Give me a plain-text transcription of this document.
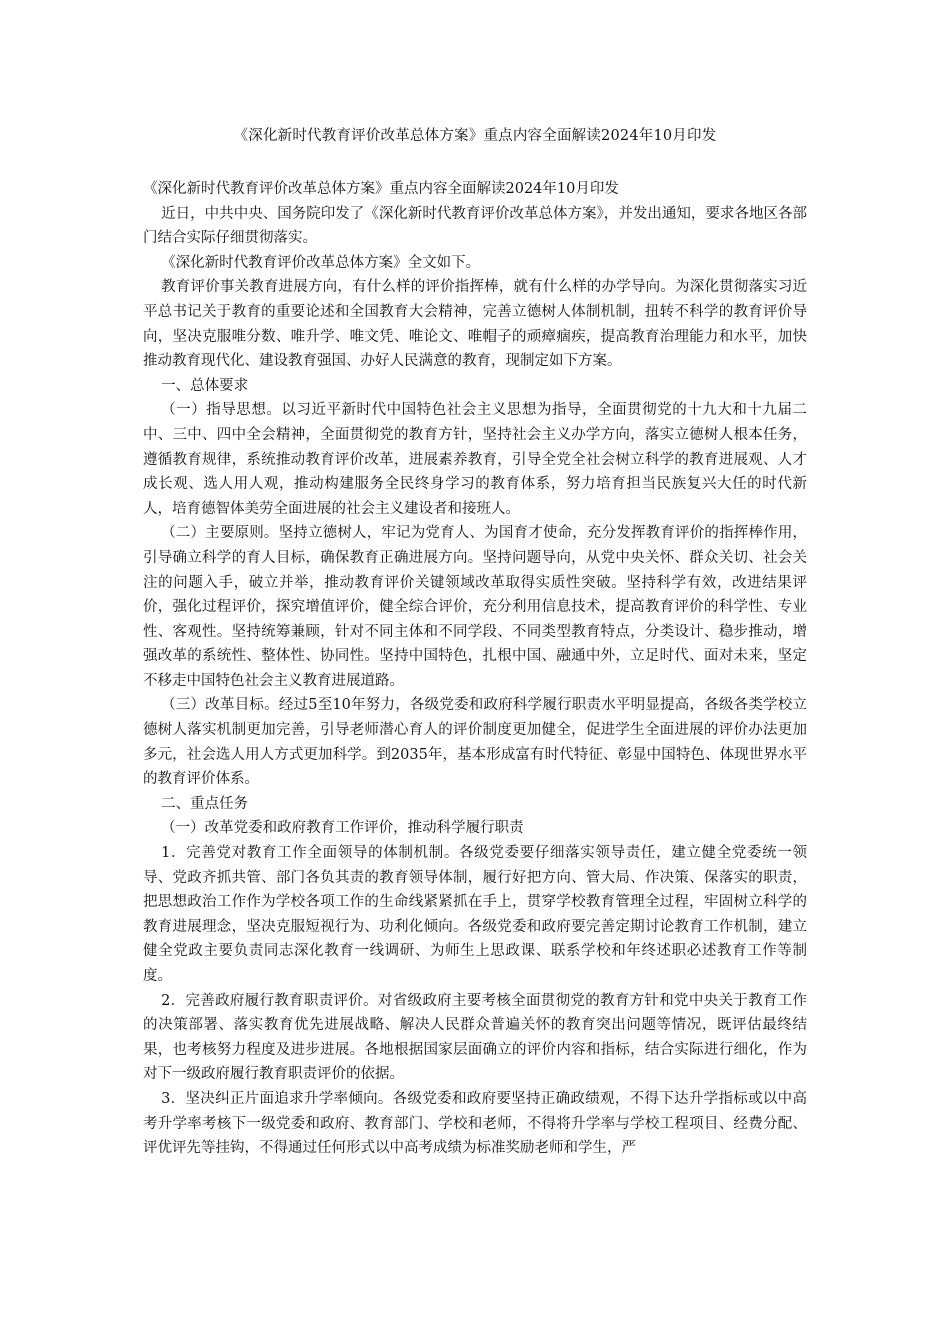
《深化新时代教育评价改革总体方案》重点内容全面解读2024年10月印发

《深化新时代教育评价改革总体方案》重点内容全面解读2024年10月印发

近日，中共中央、国务院印发了《深化新时代教育评价改革总体方案》，并发出通知，要求各地区各部门结合实际仔细贯彻落实。

《深化新时代教育评价改革总体方案》全文如下。

教育评价事关教育进展方向，有什么样的评价指挥棒，就有什么样的办学导向。为深化贯彻落实习近平总书记关于教育的重要论述和全国教育大会精神，完善立德树人体制机制，扭转不科学的教育评价导向，坚决克服唯分数、唯升学、唯文凭、唯论文、唯帽子的顽瘴痼疾，提高教育治理能力和水平，加快推动教育现代化、建设教育强国、办好人民满意的教育，现制定如下方案。

一、总体要求

（一）指导思想。以习近平新时代中国特色社会主义思想为指导，全面贯彻党的十九大和十九届二中、三中、四中全会精神，全面贯彻党的教育方针，坚持社会主义办学方向，落实立德树人根本任务，遵循教育规律，系统推动教育评价改革，进展素养教育，引导全党全社会树立科学的教育进展观、人才成长观、选人用人观，推动构建服务全民终身学习的教育体系，努力培育担当民族复兴大任的时代新人，培育德智体美劳全面进展的社会主义建设者和接班人。

（二）主要原则。坚持立德树人，牢记为党育人、为国育才使命，充分发挥教育评价的指挥棒作用，引导确立科学的育人目标，确保教育正确进展方向。坚持问题导向，从党中央关怀、群众关切、社会关注的问题入手，破立并举，推动教育评价关键领域改革取得实质性突破。坚持科学有效，改进结果评价，强化过程评价，探究增值评价，健全综合评价，充分利用信息技术，提高教育评价的科学性、专业性、客观性。坚持统筹兼顾，针对不同主体和不同学段、不同类型教育特点，分类设计、稳步推动，增强改革的系统性、整体性、协同性。坚持中国特色，扎根中国、融通中外，立足时代、面对未来，坚定不移走中国特色社会主义教育进展道路。

（三）改革目标。经过5至10年努力，各级党委和政府科学履行职责水平明显提高，各级各类学校立德树人落实机制更加完善，引导老师潜心育人的评价制度更加健全，促进学生全面进展的评价办法更加多元，社会选人用人方式更加科学。到2035年，基本形成富有时代特征、彰显中国特色、体现世界水平的教育评价体系。

二、重点任务

（一）改革党委和政府教育工作评价，推动科学履行职责

1．完善党对教育工作全面领导的体制机制。各级党委要仔细落实领导责任，建立健全党委统一领导、党政齐抓共管、部门各负其责的教育领导体制，履行好把方向、管大局、作决策、保落实的职责，把思想政治工作作为学校各项工作的生命线紧紧抓在手上，贯穿学校教育管理全过程，牢固树立科学的教育进展理念，坚决克服短视行为、功利化倾向。各级党委和政府要完善定期讨论教育工作机制，建立健全党政主要负责同志深化教育一线调研、为师生上思政课、联系学校和年终述职必述教育工作等制度。

2．完善政府履行教育职责评价。对省级政府主要考核全面贯彻党的教育方针和党中央关于教育工作的决策部署、落实教育优先进展战略、解决人民群众普遍关怀的教育突出问题等情况，既评估最终结果，也考核努力程度及进步进展。各地根据国家层面确立的评价内容和指标，结合实际进行细化，作为对下一级政府履行教育职责评价的依据。

3．坚决纠正片面追求升学率倾向。各级党委和政府要坚持正确政绩观，不得下达升学指标或以中高考升学率考核下一级党委和政府、教育部门、学校和老师，不得将升学率与学校工程项目、经费分配、评优评先等挂钩，不得通过任何形式以中高考成绩为标准奖励老师和学生，严
